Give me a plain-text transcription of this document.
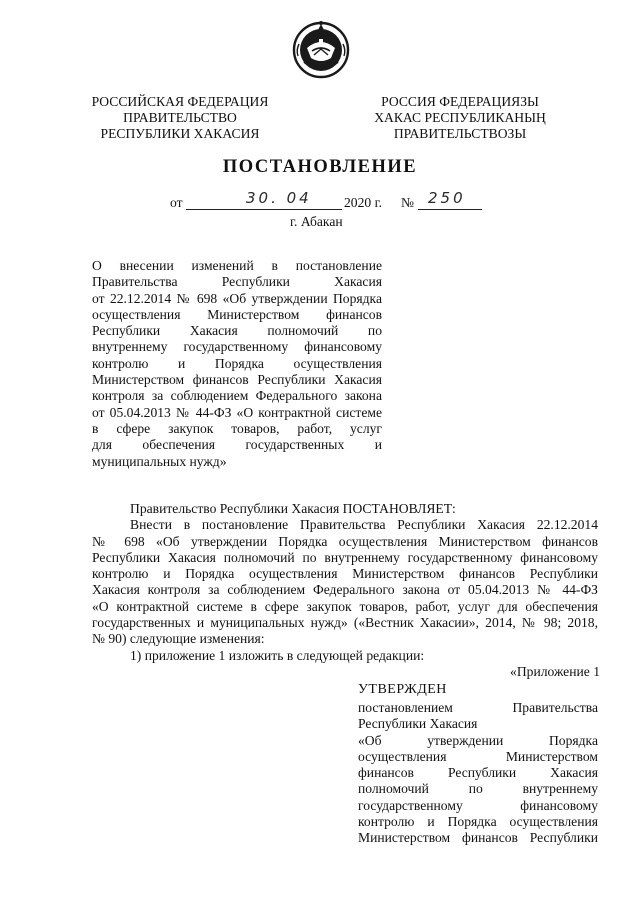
РОССИЙСКАЯ ФЕДЕРАЦИЯ
ПРАВИТЕЛЬСТВО
РЕСПУБЛИКИ ХАКАСИЯ
РОССИЯ ФЕДЕРАЦИЯЗЫ
ХАКАС РЕСПУБЛИКАНЫҢ
ПРАВИТЕЛЬСТВОЗЫ
ПОСТАНОВЛЕНИЕ
от	30. 04 2020 г. № 250
г. Абакан
О внесении изменений в постановление
Правительства Республики Хакасия
от 22.12.2014 № 698 «Об утверждении Порядка
осуществления Министерством финансов
Республики Хакасия полномочий по
внутреннему государственному финансовому
контролю и Порядка осуществления
Министерством финансов Республики Хакасия
контроля за соблюдением Федерального закона
от 05.04.2013 № 44-ФЗ «О контрактной системе
в сфере закупок товаров, работ, услуг
для обеспечения государственных и
муниципальных нужд»
Правительство Республики Хакасия ПОСТАНОВЛЯЕТ:
Внести в постановление Правительства Республики Хакасия 22.12.2014
№ 698 «Об утверждении Порядка осуществления Министерством финансов
Республики Хакасия полномочий по внутреннему государственному финансовому
контролю и Порядка осуществления Министерством финансов Республики
Хакасия контроля за соблюдением Федерального закона от 05.04.2013 № 44-ФЗ
«О контрактной системе в сфере закупок товаров, работ, услуг для обеспечения
государственных и муниципальных нужд» («Вестник Хакасии», 2014, № 98; 2018,
№ 90) следующие изменения:
1) приложение 1 изложить в следующей редакции:
«Приложение 1
УТВЕРЖДЕН
постановлением Правительства
Республики Хакасия
«Об утверждении Порядка
осуществления Министерством
финансов Республики Хакасия
полномочий по внутреннему
государственному финансовому
контролю и Порядка осуществления
Министерством финансов Республики
